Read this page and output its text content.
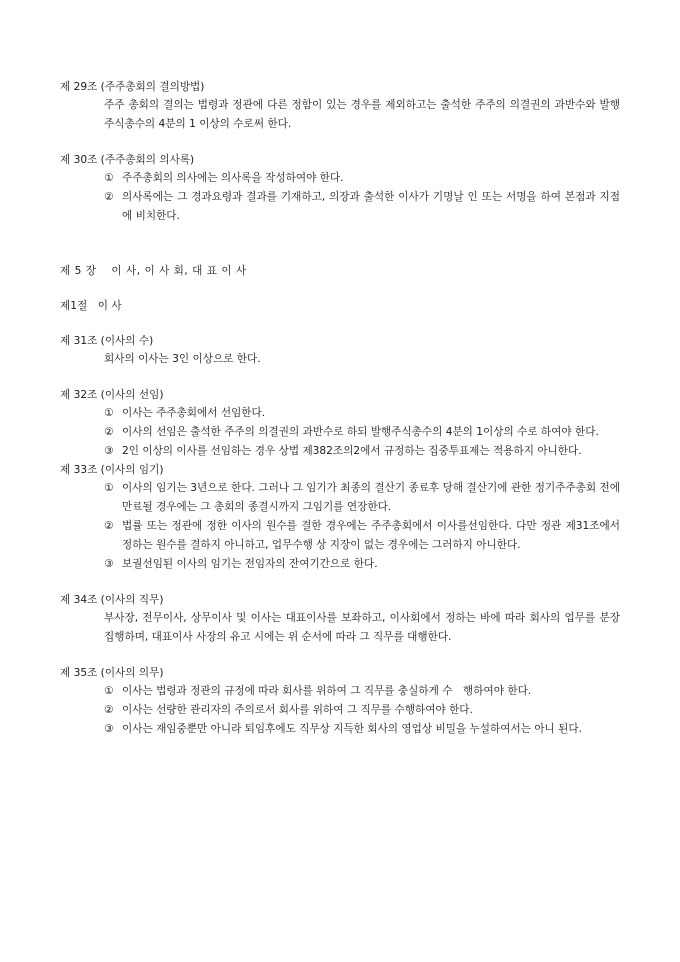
제 29조 (주주총회의 결의방법)

주주 총회의 결의는 법령과 정관에 다른 정함이 있는 경우를 제외하고는 출석한 주주의 의결권의 과반수와 발행주식총수의 4분의 1 이상의 수로써 한다.

제 30조 (주주총회의 의사록)

① 주주총회의 의사에는 의사록을 작성하여야 한다.
② 의사록에는 그 경과요령과 결과를 기재하고, 의장과 출석한 이사가 기명날 인 또는 서명을 하여 본점과 지점에 비치한다.

제 5 장　 이 사, 이 사 회, 대 표 이 사

제1절　이 사

제 31조 (이사의 수)

회사의 이사는 3인 이상으로 한다.

제 32조 (이사의 선임)

① 이사는 주주총회에서 선임한다.
② 이사의 선임은 출석한 주주의 의결권의 과반수로 하되 발행주식총수의 4분의 1이상의 수로 하여야 한다.
③ 2인 이상의 이사를 선임하는 경우 상법 제382조의2에서 규정하는 집중투표제는 적용하지 아니한다.

제 33조 (이사의 임기)

① 이사의 임기는 3년으로 한다. 그러나 그 임기가 최종의 결산기 종료후 당해 결산기에 관한 정기주주총회 전에 만료될 경우에는 그 총회의 종결시까지 그임기를 연장한다.
② 법률 또는 정관에 정한 이사의 원수를 결한 경우에는 주주총회에서 이사를선임한다. 다만 정관 제31조에서 정하는 원수를 결하지 아니하고, 업무수행 상 지장이 없는 경우에는 그러하지 아니한다.
③ 보궐선임된 이사의 임기는 전임자의 잔여기간으로 한다.

제 34조 (이사의 직무)

부사장, 전무이사, 상무이사 및 이사는 대표이사를 보좌하고, 이사회에서 정하는 바에 따라 회사의 업무를 분장 집행하며, 대표이사 사장의 유고 시에는 위 순서에 따라 그 직무를 대행한다.

제 35조 (이사의 의무)

① 이사는 법령과 정관의 규정에 따라 회사를 위하여 그 직무를 충실하게 수　행하여야 한다.
② 이사는 선량한 관리자의 주의로서 회사를 위하여 그 직무를 수행하여야 한다.
③ 이사는 재임중뿐만 아니라 퇴임후에도 직무상 지득한 회사의 영업상 비밀을 누설하여서는 아니 된다.
